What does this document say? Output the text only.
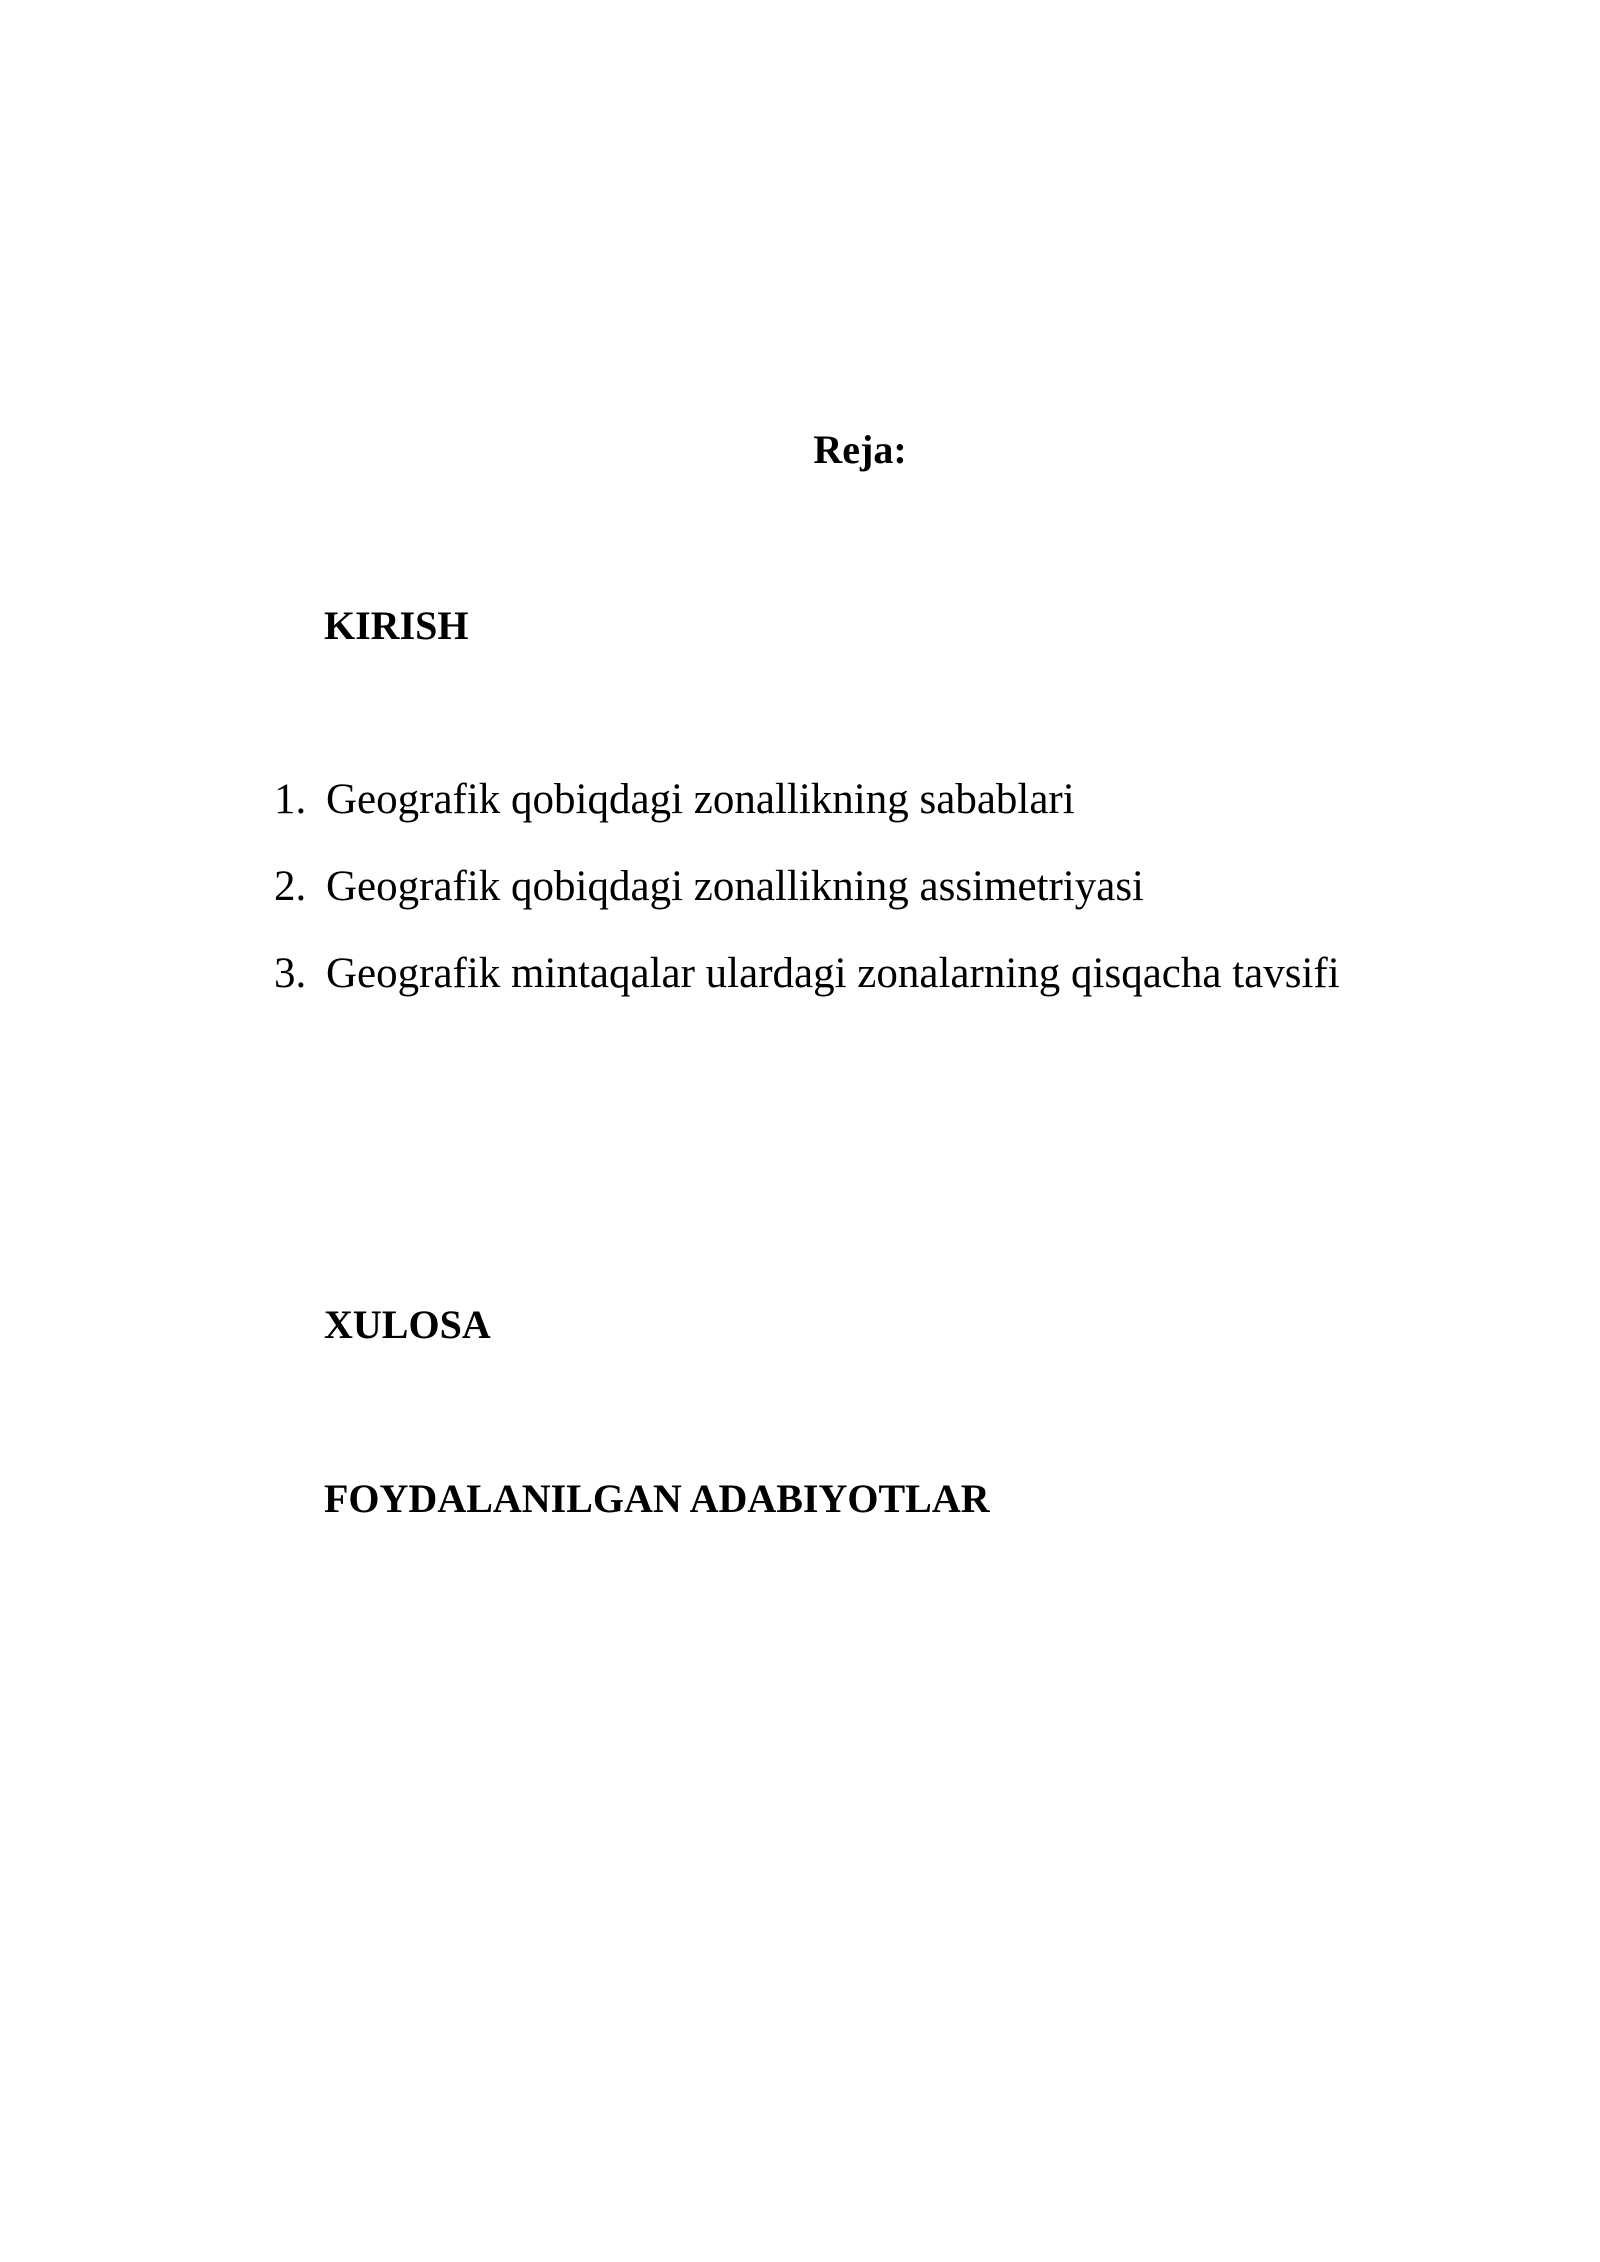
Reja:
KIRISH
1. Geografik qobiqdagi zonallikning sabablari
2. Geografik qobiqdagi zonallikning assimetriyasi
3. Geografik mintaqalar ulardagi zonalarning qisqacha tavsifi
XULOSA
FOYDALANILGAN ADABIYOTLAR
